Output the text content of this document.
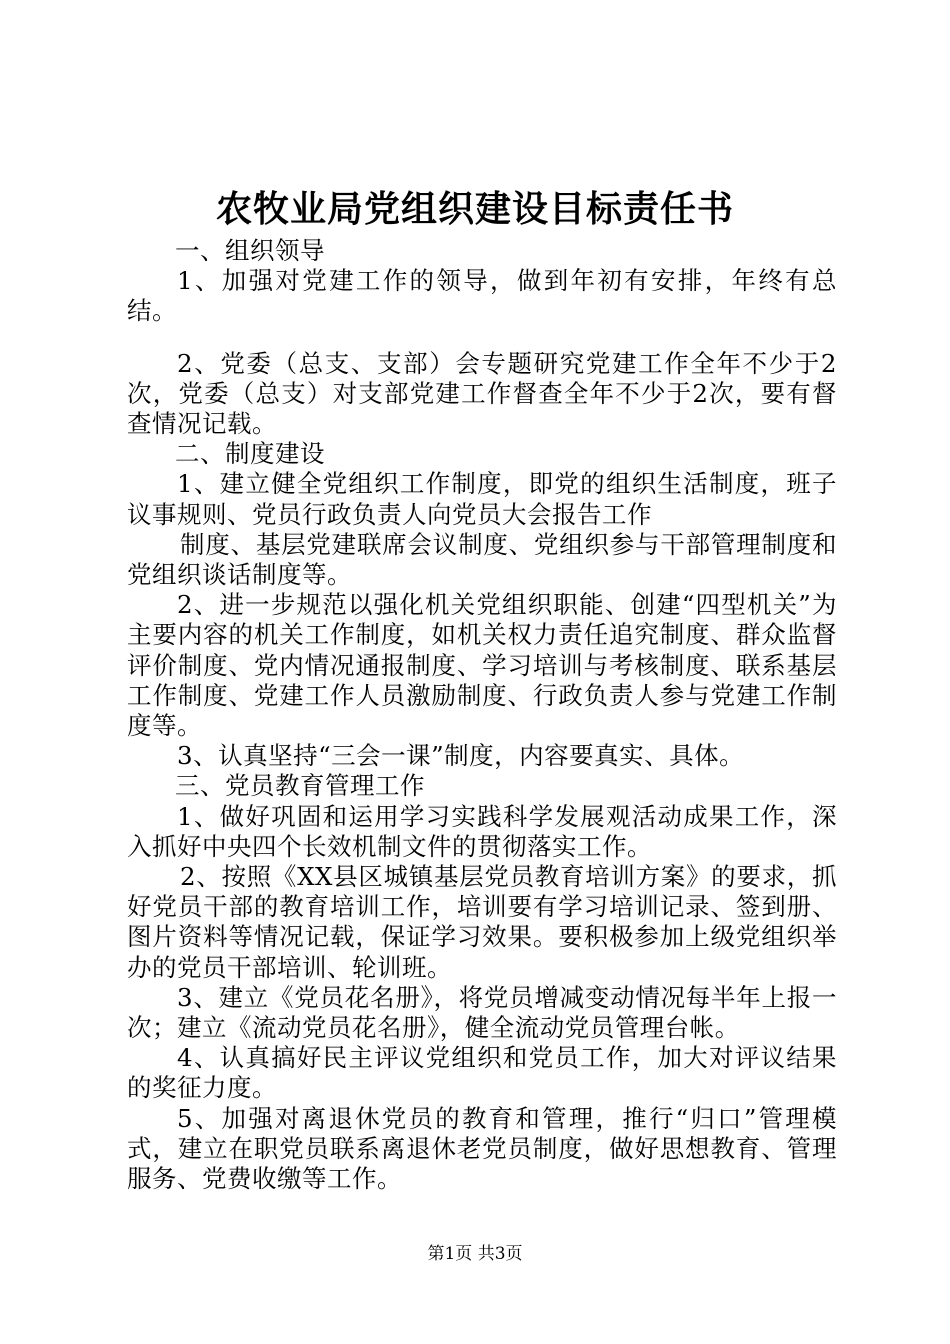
农牧业局党组织建设目标责任书

一、组织领导

1、加强对党建工作的领导，做到年初有安排，年终有总结。

2、党委（总支、支部）会专题研究党建工作全年不少于2次，党委（总支）对支部党建工作督查全年不少于2次，要有督查情况记载。

二、制度建设

1、建立健全党组织工作制度，即党的组织生活制度，班子议事规则、党员行政负责人向党员大会报告工作

制度、基层党建联席会议制度、党组织参与干部管理制度和党组织谈话制度等。

2、进一步规范以强化机关党组织职能、创建“四型机关”为主要内容的机关工作制度，如机关权力责任追究制度、群众监督评价制度、党内情况通报制度、学习培训与考核制度、联系基层工作制度、党建工作人员激励制度、行政负责人参与党建工作制度等。

3、认真坚持“三会一课”制度，内容要真实、具体。

三、党员教育管理工作

1、做好巩固和运用学习实践科学发展观活动成果工作，深入抓好中央四个长效机制文件的贯彻落实工作。

2、按照《XX县区城镇基层党员教育培训方案》的要求，抓好党员干部的教育培训工作，培训要有学习培训记录、签到册、图片资料等情况记载，保证学习效果。要积极参加上级党组织举办的党员干部培训、轮训班。

3、建立《党员花名册》，将党员增减变动情况每半年上报一次；建立《流动党员花名册》，健全流动党员管理台帐。

4、认真搞好民主评议党组织和党员工作，加大对评议结果的奖征力度。

5、加强对离退休党员的教育和管理，推行“归口”管理模式，建立在职党员联系离退休老党员制度，做好思想教育、管理服务、党费收缴等工作。

第1页 共3页
